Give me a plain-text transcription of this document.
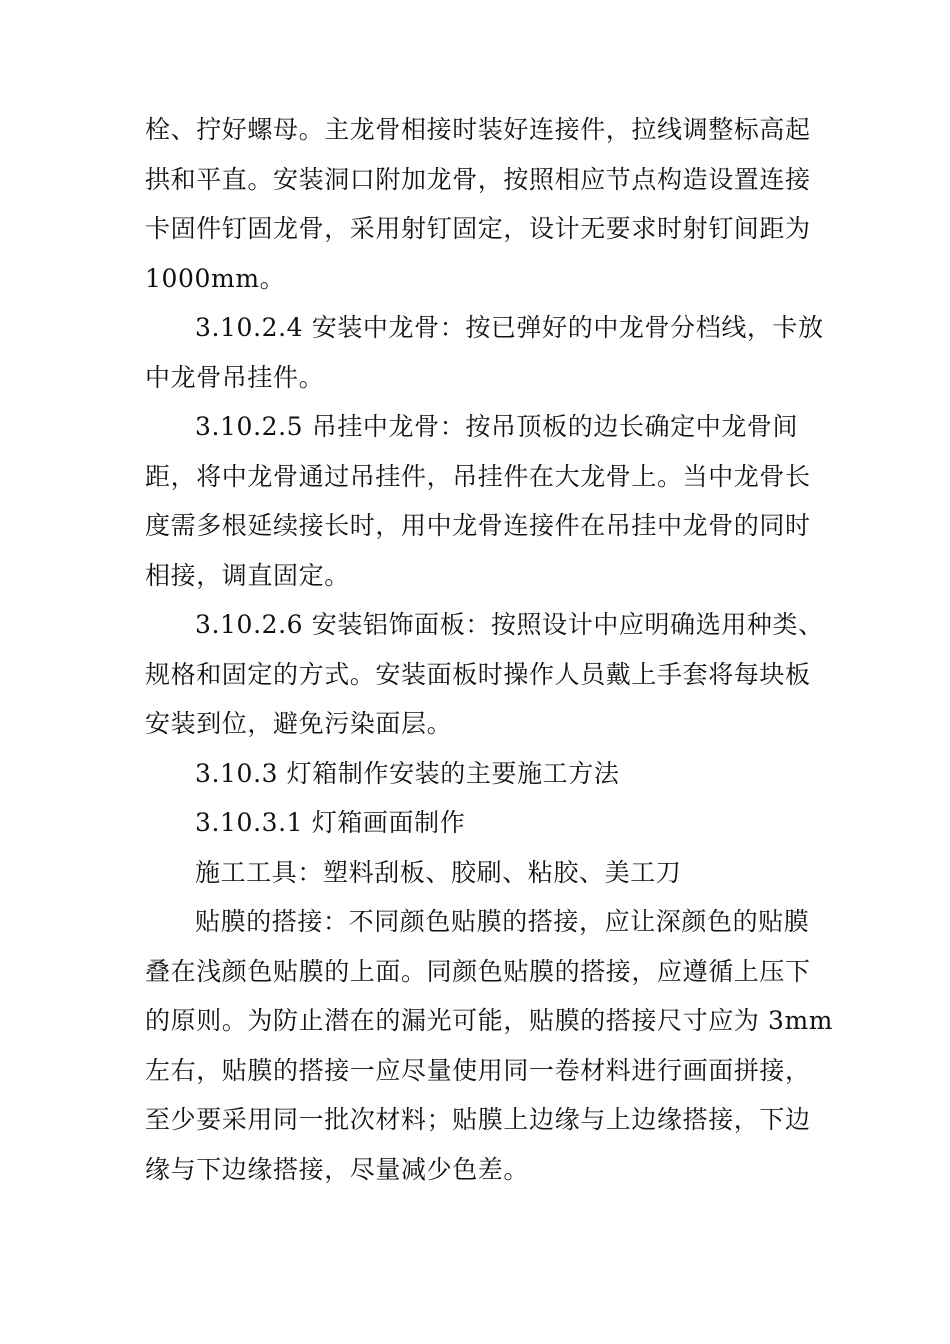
栓、拧好螺母。主龙骨相接时装好连接件，拉线调整标高起
拱和平直。安装洞口附加龙骨，按照相应节点构造设置连接
卡固件钉固龙骨，采用射钉固定，设计无要求时射钉间距为
1000mm。

3.10.2.4 安装中龙骨：按已弹好的中龙骨分档线，卡放
中龙骨吊挂件。

3.10.2.5 吊挂中龙骨：按吊顶板的边长确定中龙骨间
距，将中龙骨通过吊挂件，吊挂件在大龙骨上。当中龙骨长
度需多根延续接长时，用中龙骨连接件在吊挂中龙骨的同时
相接，调直固定。

3.10.2.6 安装铝饰面板：按照设计中应明确选用种类、
规格和固定的方式。安装面板时操作人员戴上手套将每块板
安装到位，避免污染面层。

3.10.3 灯箱制作安装的主要施工方法

3.10.3.1 灯箱画面制作

施工工具：塑料刮板、胶刷、粘胶、美工刀

贴膜的搭接：不同颜色贴膜的搭接，应让深颜色的贴膜
叠在浅颜色贴膜的上面。同颜色贴膜的搭接，应遵循上压下
的原则。为防止潜在的漏光可能，贴膜的搭接尺寸应为 3mm
左右，贴膜的搭接一应尽量使用同一卷材料进行画面拼接，
至少要采用同一批次材料；贴膜上边缘与上边缘搭接，下边
缘与下边缘搭接，尽量减少色差。
